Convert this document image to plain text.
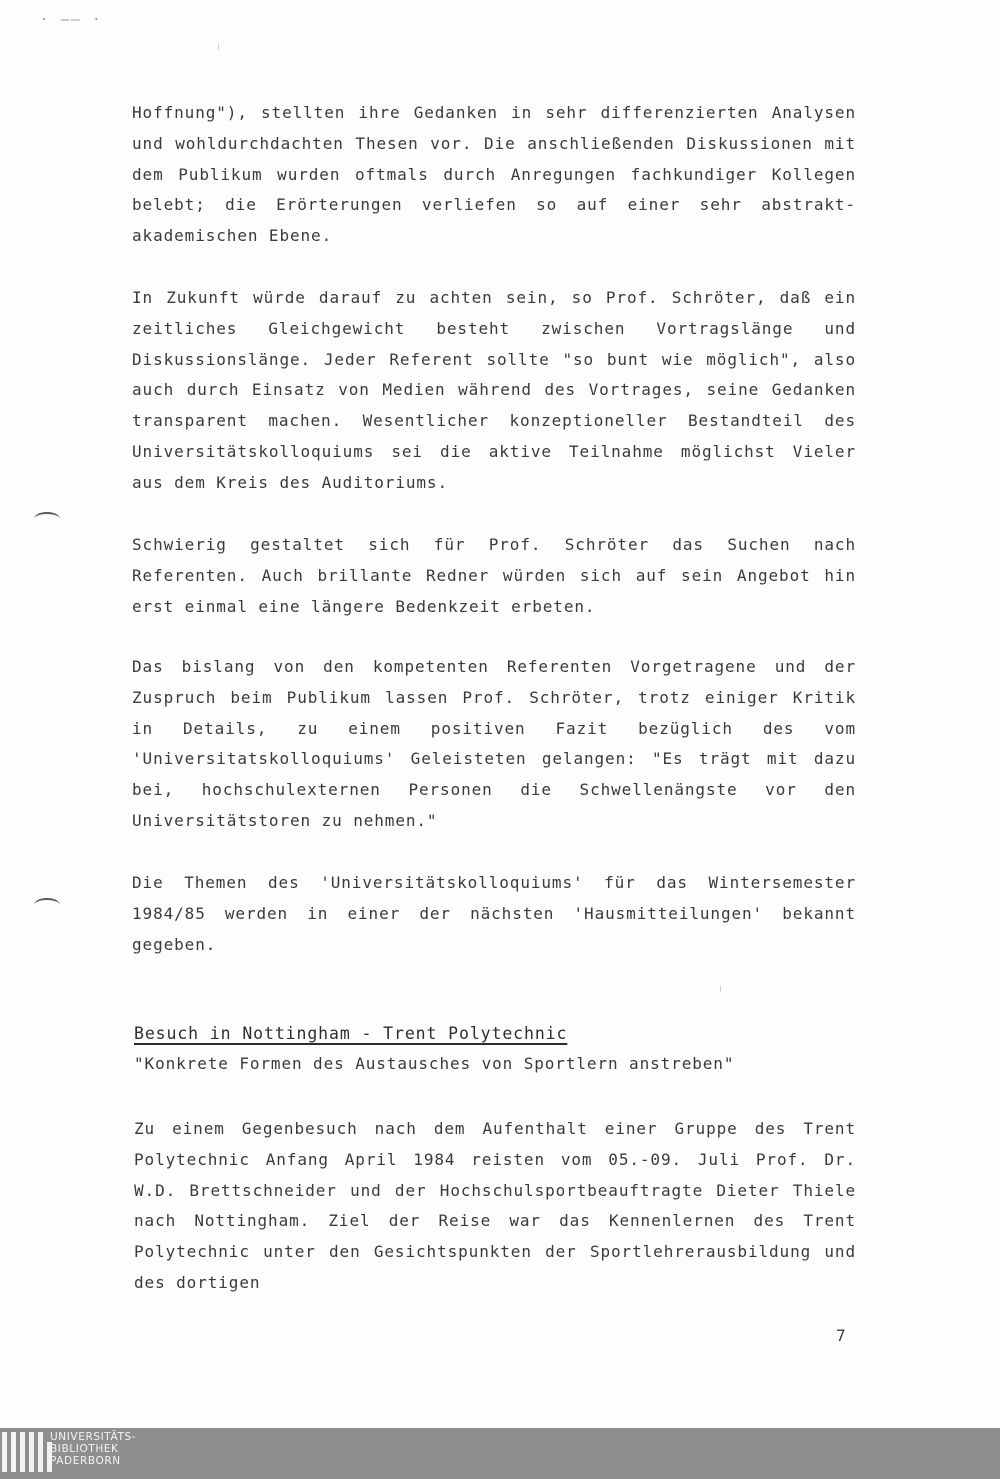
· —— ·

Hoffnung"), stellten ihre Gedanken in sehr differenzierten Analysen und wohldurchdachten Thesen vor. Die anschließenden Diskussionen mit dem Publikum wurden oftmals durch Anregungen fachkundiger Kollegen belebt; die Erörterungen verliefen so auf einer sehr abstrakt-akademischen Ebene.

In Zukunft würde darauf zu achten sein, so Prof. Schröter, daß ein zeitliches Gleichgewicht besteht zwischen Vortragslänge und Diskussionslänge. Jeder Referent sollte "so bunt wie möglich", also auch durch Einsatz von Medien während des Vortrages, seine Gedanken transparent machen. Wesentlicher konzeptioneller Bestandteil des Universitätskolloquiums sei die aktive Teilnahme möglichst Vieler aus dem Kreis des Auditoriums.

Schwierig gestaltet sich für Prof. Schröter das Suchen nach Referenten. Auch brillante Redner würden sich auf sein Angebot hin erst einmal eine längere Bedenkzeit erbeten.

Das bislang von den kompetenten Referenten Vorgetragene und der Zuspruch beim Publikum lassen Prof. Schröter, trotz einiger Kritik in Details, zu einem positiven Fazit bezüglich des vom 'Universitatskolloquiums' Geleisteten gelangen: "Es trägt mit dazu bei, hochschulexternen Personen die Schwellenängste vor den Universitätstoren zu nehmen."

Die Themen des 'Universitätskolloquiums' für das Wintersemester 1984/85 werden in einer der nächsten 'Hausmitteilungen' bekannt gegeben.

Besuch in Nottingham - Trent Polytechnic

"Konkrete Formen des Austausches von Sportlern anstreben"

Zu einem Gegenbesuch nach dem Aufenthalt einer Gruppe des Trent Polytechnic Anfang April 1984 reisten vom 05.-09. Juli Prof. Dr. W.D. Brettschneider und der Hochschulsportbeauftragte Dieter Thiele nach Nottingham. Ziel der Reise war das Kennenlernen des Trent Polytechnic unter den Gesichtspunkten der Sportlehrerausbildung und des dortigen

7

UNIVERSITÄTS-
BIBLIOTHEK
PADERBORN
